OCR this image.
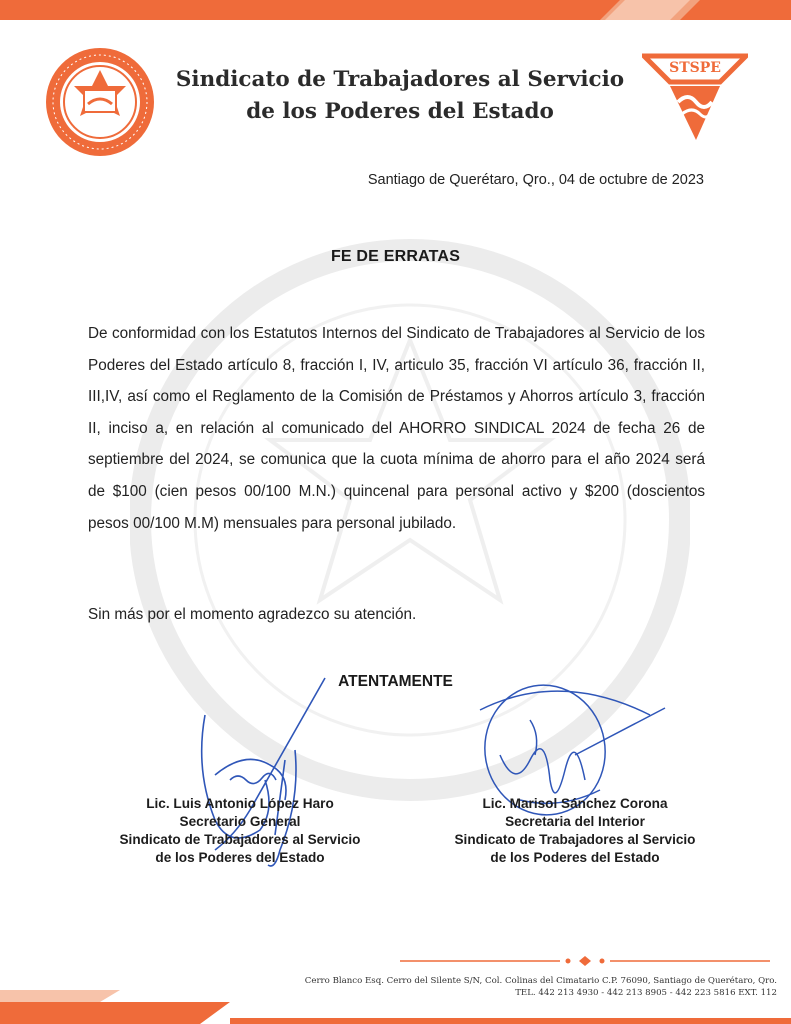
Sindicato de Trabajadores al Servicio
de los Poderes del Estado
STSPE
Santiago de Querétaro, Qro., 04 de octubre de 2023
FE DE ERRATAS
De conformidad con los Estatutos Internos del Sindicato de Trabajadores al Servicio de los Poderes del Estado artículo 8, fracción I, IV, articulo 35, fracción VI artículo 36, fracción II, III,IV, así como el Reglamento de la Comisión de Préstamos y Ahorros artículo 3, fracción II, inciso a, en relación al comunicado del AHORRO SINDICAL 2024 de fecha 26 de septiembre del 2024, se comunica que la cuota mínima de ahorro para el año 2024 será de $100 (cien pesos 00/100 M.N.) quincenal para personal activo y $200 (doscientos pesos 00/100 M.M) mensuales para personal jubilado.
Sin más por el momento agradezco su atención.
ATENTAMENTE
Lic. Luis Antonio López Haro
Secretario General
Sindicato de Trabajadores al Servicio
de los Poderes del Estado
Lic. Marisol Sánchez Corona
Secretaria del Interior
Sindicato de Trabajadores al Servicio
de los Poderes del Estado
Cerro Blanco Esq. Cerro del Silente S/N, Col. Colinas del Cimatario C.P. 76090, Santiago de Querétaro, Qro.
TEL. 442 213 4930 - 442 213 8905 - 442 223 5816 EXT. 112
